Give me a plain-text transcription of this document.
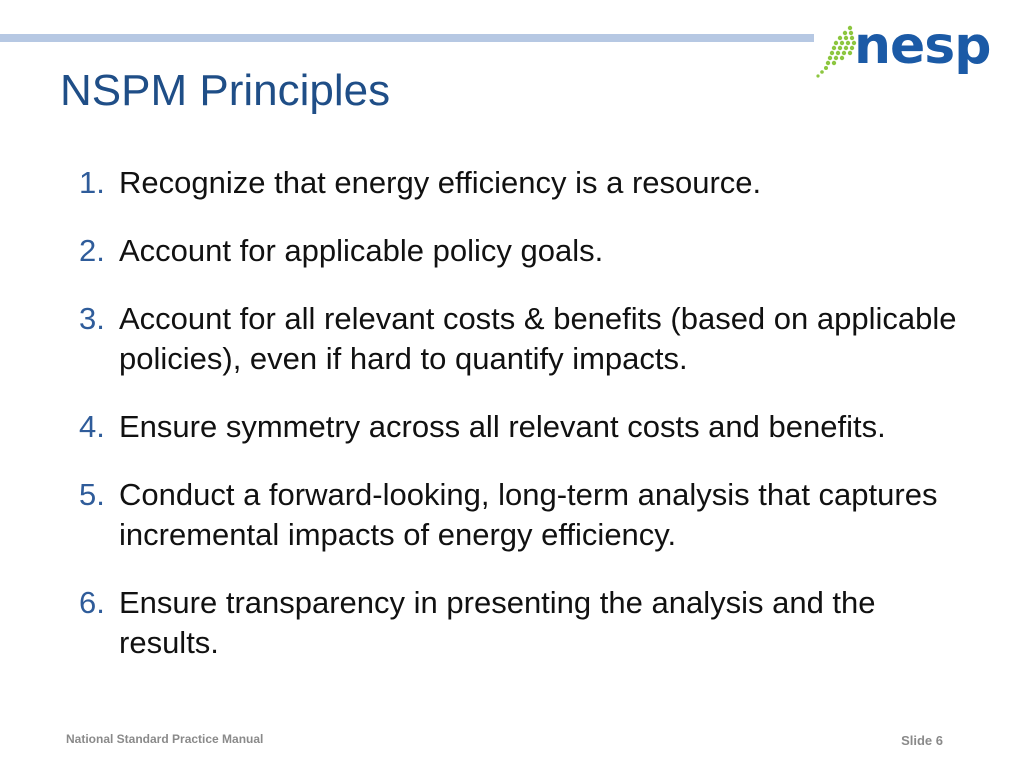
nesp
NSPM Principles
1. Recognize that energy efficiency is a resource.
2. Account for applicable policy goals.
3. Account for all relevant costs & benefits (based on applicable policies), even if hard to quantify impacts.
4. Ensure symmetry across all relevant costs and benefits.
5. Conduct a forward-looking, long-term analysis that captures incremental impacts of energy efficiency.
6. Ensure transparency in presenting the analysis and the results.
National Standard Practice Manual	Slide 6
